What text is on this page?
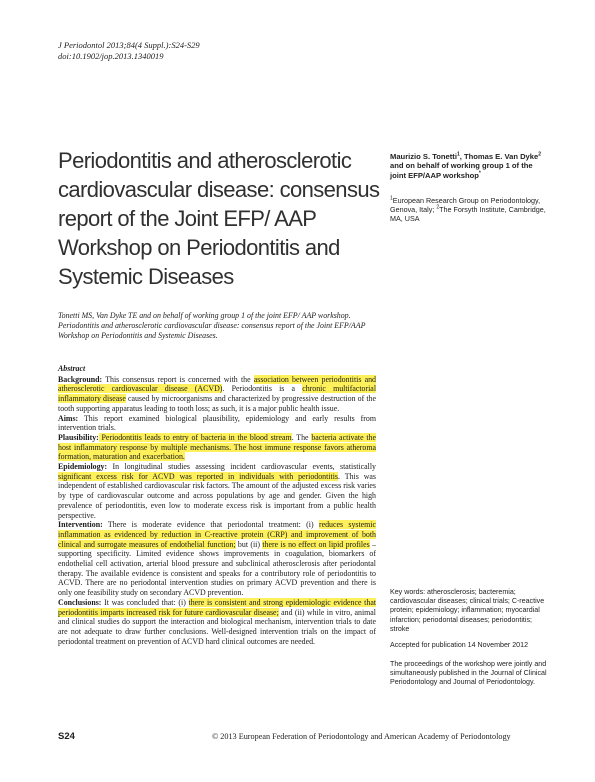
J Periodontol 2013;84(4 Suppl.):S24-S29
doi:10.1902/jop.2013.1340019
Periodontitis and atherosclerotic cardiovascular disease: consensus report of the Joint EFP/ AAP Workshop on Periodontitis and Systemic Diseases
Maurizio S. Tonetti$^1$, Thomas E. Van Dyke$^2$ and on behalf of working group 1 of the joint EFP/AAP workshop*
$^1$European Research Group on Periodontology, Genova, Italy; $^2$The Forsyth Institute, Cambridge, MA, USA
Tonetti MS, Van Dyke TE and on behalf of working group 1 of the joint EFP/ AAP workshop. Periodontitis and atherosclerotic cardiovascular disease: consensus report of the Joint EFP/AAP Workshop on Periodontitis and Systemic Diseases.
Abstract

Background: This consensus report is concerned with the association between periodontitis and atherosclerotic cardiovascular disease (ACVD). Periodontitis is a chronic multifactorial inflammatory disease caused by microorganisms and characterized by progressive destruction of the tooth supporting apparatus leading to tooth loss; as such, it is a major public health issue.

Aims: This report examined biological plausibility, epidemiology and early results from intervention trials.

Plausibility: Periodontitis leads to entry of bacteria in the blood stream. The bacteria activate the host inflammatory response by multiple mechanisms. The host immune response favors atheroma formation, maturation and exacerbation.

Epidemiology: In longitudinal studies assessing incident cardiovascular events, statistically significant excess risk for ACVD was reported in individuals with periodontitis. This was independent of established cardiovascular risk factors. The amount of the adjusted excess risk varies by type of cardiovascular outcome and across populations by age and gender. Given the high prevalence of periodontitis, even low to moderate excess risk is important from a public health perspective.

Intervention: There is moderate evidence that periodontal treatment: (i) reduces systemic inflammation as evidenced by reduction in C-reactive protein (CRP) and improvement of both clinical and surrogate measures of endothelial function; but (ii) there is no effect on lipid profiles – supporting specificity. Limited evidence shows improvements in coagulation, biomarkers of endothelial cell activation, arterial blood pressure and subclinical atherosclerosis after periodontal therapy. The available evidence is consistent and speaks for a contributory role of periodontitis to ACVD. There are no periodontal intervention studies on primary ACVD prevention and there is only one feasibility study on secondary ACVD prevention.

Conclusions: It was concluded that: (i) there is consistent and strong epidemiologic evidence that periodontitis imparts increased risk for future cardiovascular disease; and (ii) while in vitro, animal and clinical studies do support the interaction and biological mechanism, intervention trials to date are not adequate to draw further conclusions. Well-designed intervention trials on the impact of periodontal treatment on prevention of ACVD hard clinical outcomes are needed.

Key words: atherosclerosis; bacteremia; cardiovascular diseases; clinical trials; C-reactive protein; epidemiology; inflammation; myocardial infarction; periodontal diseases; periodontitis; stroke
Accepted for publication 14 November 2012
The proceedings of the workshop were jointly and simultaneously published in the Journal of Clinical Periodontology and Journal of Periodontology.
S24	© 2013 European Federation of Periodontology and American Academy of Periodontology
